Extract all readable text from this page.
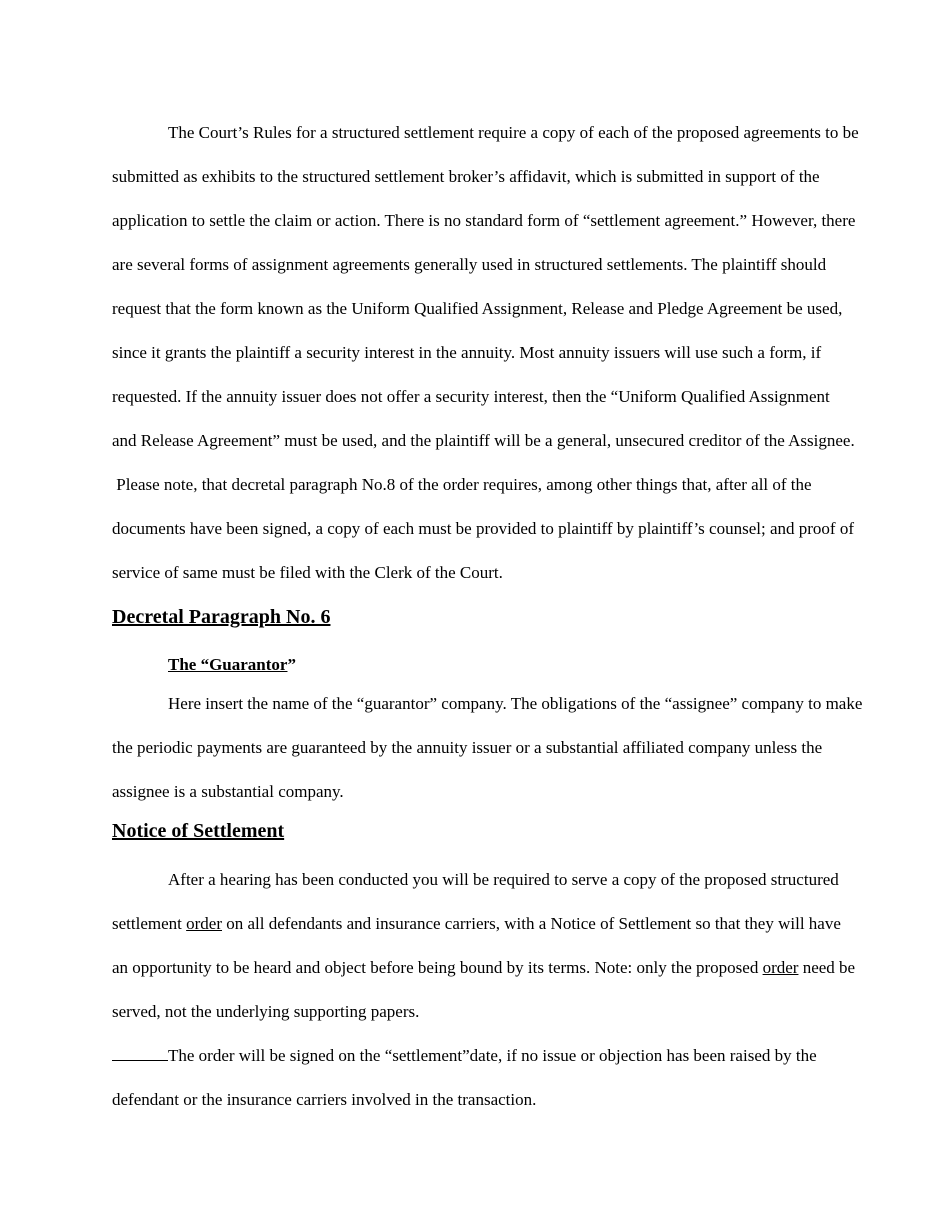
The Court’s Rules for a structured settlement require a copy of each of the proposed agreements to be
submitted as exhibits to the structured settlement broker’s affidavit, which is submitted in support of the
application to settle the claim or action. There is no standard form of “settlement agreement.” However, there
are several forms of assignment agreements generally used in structured settlements. The plaintiff should
request that the form known as the Uniform Qualified Assignment, Release and Pledge Agreement be used,
since it grants the plaintiff a security interest in the annuity. Most annuity issuers will use such a form, if
requested. If the annuity issuer does not offer a security interest, then the “Uniform Qualified Assignment
and Release Agreement” must be used, and the plaintiff will be a general, unsecured creditor of the Assignee.
Please note, that decretal paragraph No.8 of the order requires, among other things that, after all of the
documents have been signed, a copy of each must be provided to plaintiff by plaintiff’s counsel; and proof of
service of same must be filed with the Clerk of the Court.

Decretal Paragraph No. 6

The “Guarantor”

Here insert the name of the “guarantor” company. The obligations of the “assignee” company to make
the periodic payments are guaranteed by the annuity issuer or a substantial affiliated company unless the
assignee is a substantial company.

Notice of Settlement

After a hearing has been conducted you will be required to serve a copy of the proposed structured
settlement order on all defendants and insurance carriers, with a Notice of Settlement so that they will have
an opportunity to be heard and object before being bound by its terms. Note: only the proposed order need be
served, not the underlying supporting papers.
The order will be signed on the “settlement”date, if no issue or objection has been raised by the
defendant or the insurance carriers involved in the transaction.
